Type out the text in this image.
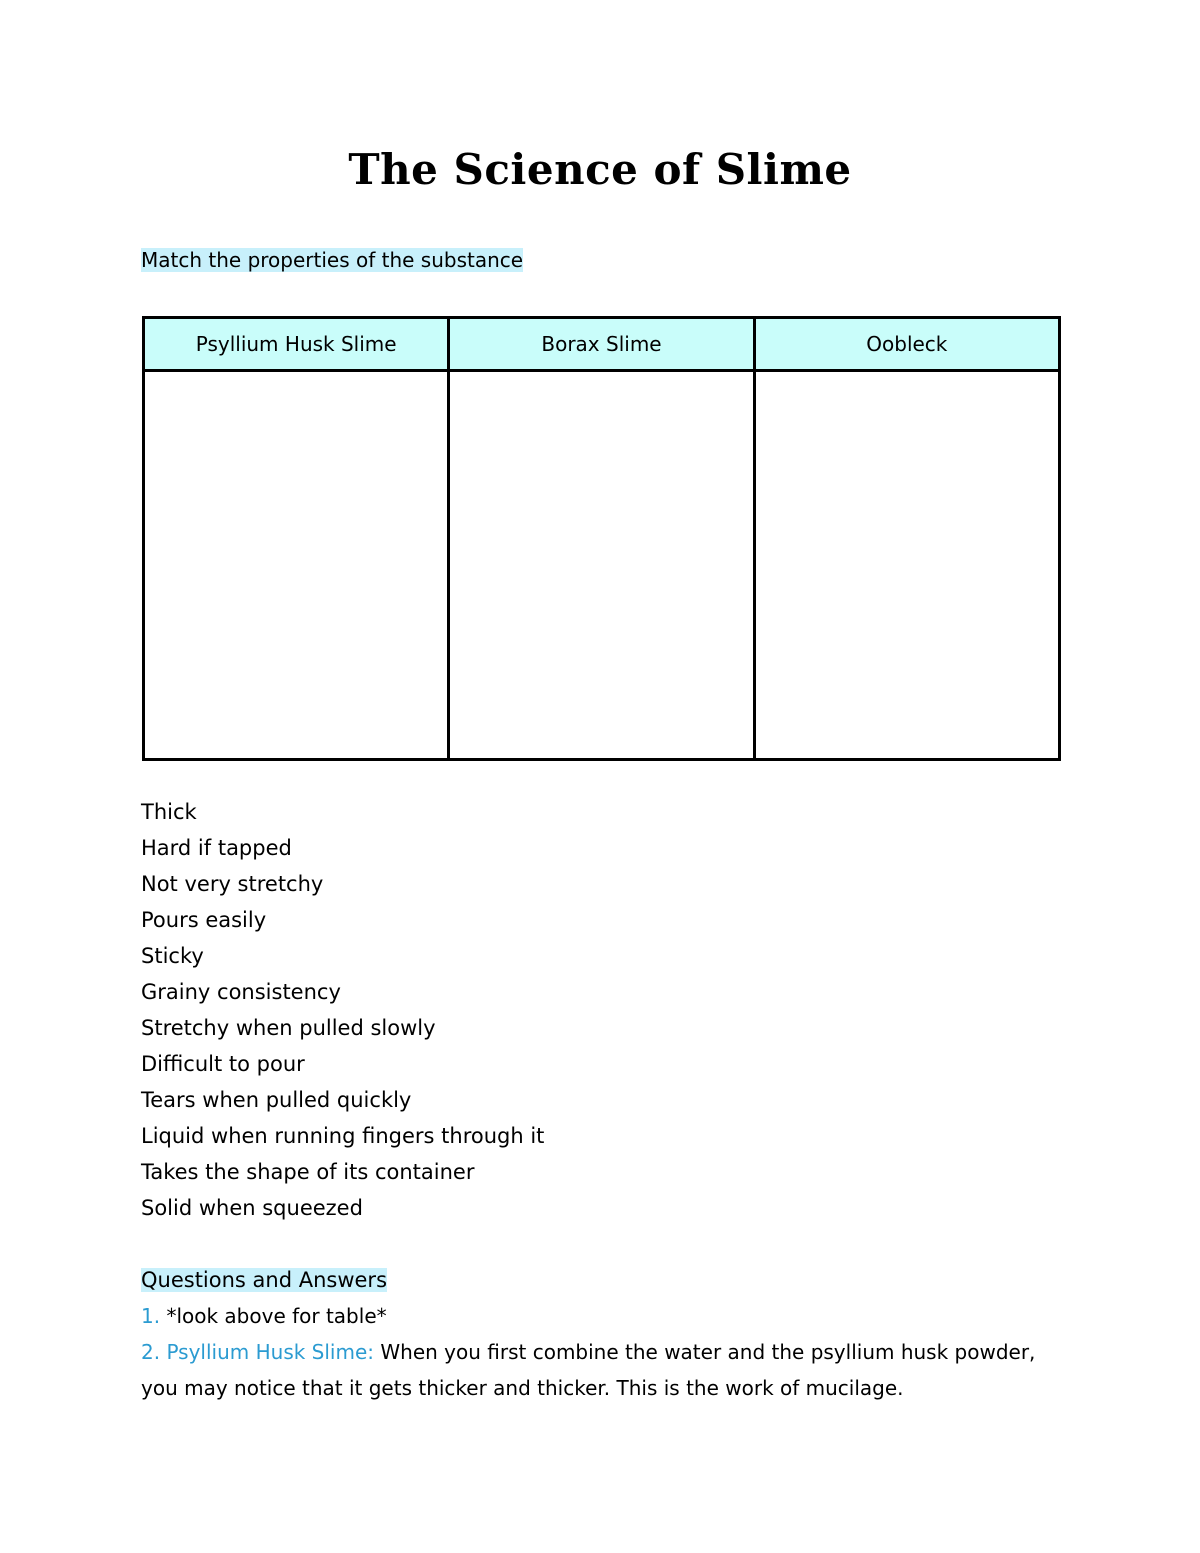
The Science of Slime
Match the properties of the substance
Psyllium Husk Slime	Borax Slime	Oobleck

Thick
Hard if tapped
Not very stretchy
Pours easily
Sticky
Grainy consistency
Stretchy when pulled slowly
Difficult to pour
Tears when pulled quickly
Liquid when running fingers through it
Takes the shape of its container
Solid when squeezed
Questions and Answers

1. *look above for table*

2. Psyllium Husk Slime: When you first combine the water and the psyllium husk powder, you may notice that it gets thicker and thicker. This is the work of mucilage.
